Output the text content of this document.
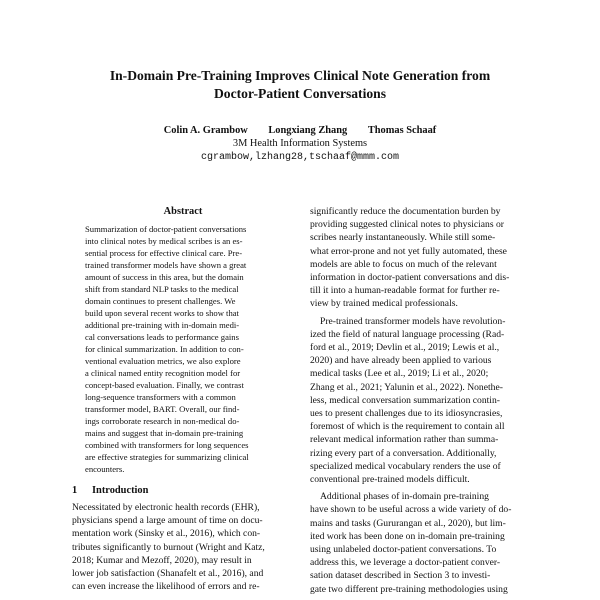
In-Domain Pre-Training Improves Clinical Note Generation from
Doctor-Patient Conversations
Colin A. Grambow Longxiang Zhang Thomas Schaaf
3M Health Information Systems
cgrambow,lzhang28,tschaaf@mmm.com
Abstract
Summarization of doctor-patient conversations
into clinical notes by medical scribes is an es-
sential process for effective clinical care. Pre-
trained transformer models have shown a great
amount of success in this area, but the domain
shift from standard NLP tasks to the medical
domain continues to present challenges. We
build upon several recent works to show that
additional pre-training with in-domain medi-
cal conversations leads to performance gains
for clinical summarization. In addition to con-
ventional evaluation metrics, we also explore
a clinical named entity recognition model for
concept-based evaluation. Finally, we contrast
long-sequence transformers with a common
transformer model, BART. Overall, our find-
ings corroborate research in non-medical do-
mains and suggest that in-domain pre-training
combined with transformers for long sequences
are effective strategies for summarizing clinical
encounters.
1 Introduction
Necessitated by electronic health records (EHR),
physicians spend a large amount of time on docu-
mentation work (Sinsky et al., 2016), which con-
tributes significantly to burnout (Wright and Katz,
2018; Kumar and Mezoff, 2020), may result in
lower job satisfaction (Shanafelt et al., 2016), and
can even increase the likelihood of errors and re-
significantly reduce the documentation burden by
providing suggested clinical notes to physicians or
scribes nearly instantaneously. While still some-
what error-prone and not yet fully automated, these
models are able to focus on much of the relevant
information in doctor-patient conversations and dis-
till it into a human-readable format for further re-
view by trained medical professionals.
Pre-trained transformer models have revolution-
ized the field of natural language processing (Rad-
ford et al., 2019; Devlin et al., 2019; Lewis et al.,
2020) and have already been applied to various
medical tasks (Lee et al., 2019; Li et al., 2020;
Zhang et al., 2021; Yalunin et al., 2022). Nonethe-
less, medical conversation summarization contin-
ues to present challenges due to its idiosyncrasies,
foremost of which is the requirement to contain all
relevant medical information rather than summa-
rizing every part of a conversation. Additionally,
specialized medical vocabulary renders the use of
conventional pre-trained models difficult.
Additional phases of in-domain pre-training
have shown to be useful across a wide variety of do-
mains and tasks (Gururangan et al., 2020), but lim-
ited work has been done on in-domain pre-training
using unlabeled doctor-patient conversations. To
address this, we leverage a doctor-patient conver-
sation dataset described in Section 3 to investi-
gate two different pre-training methodologies using
